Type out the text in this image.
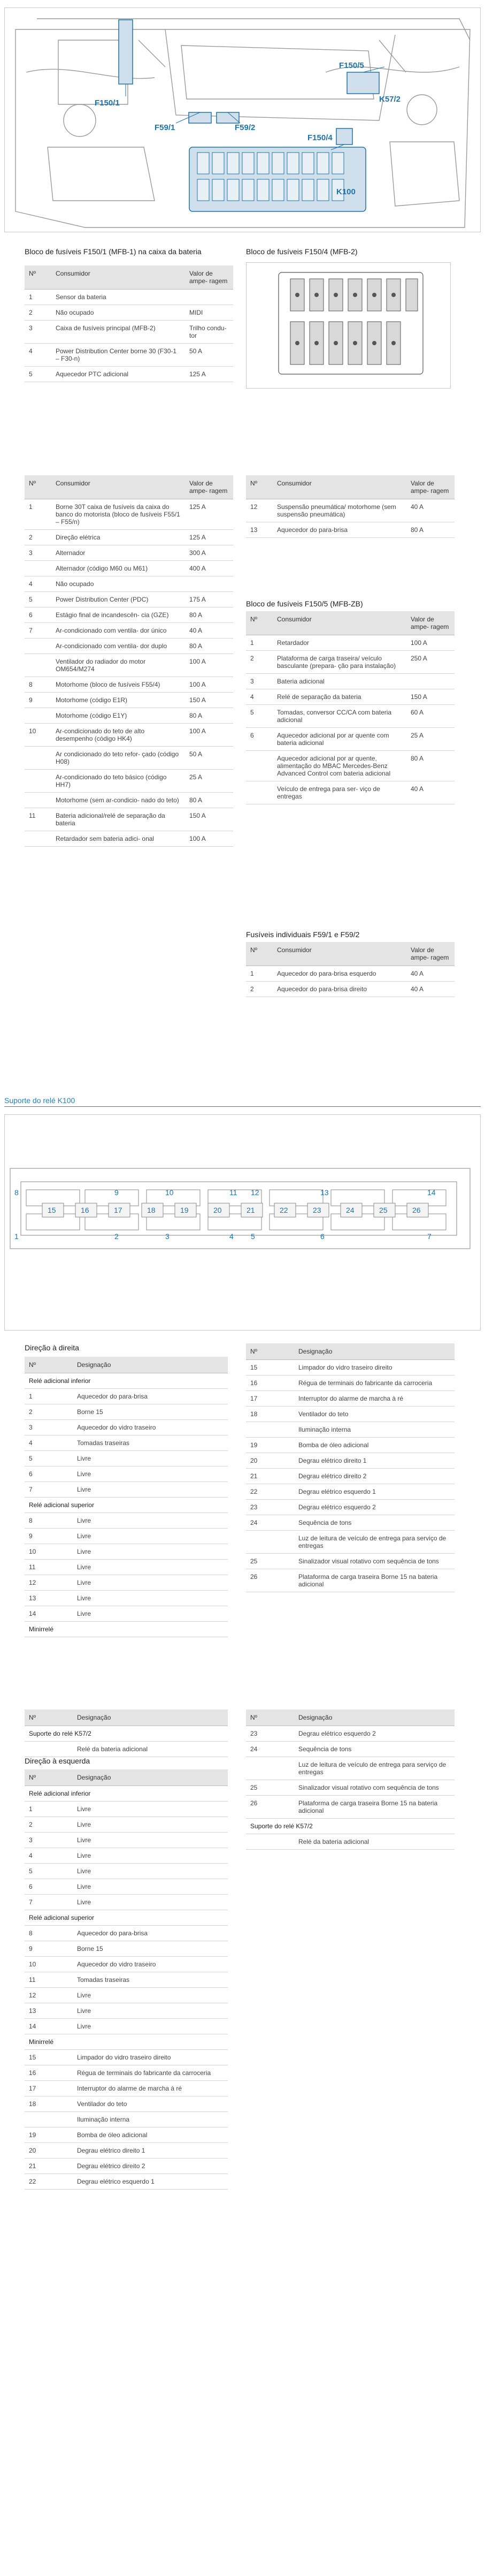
F150/1
F150/5
F59/1	F59/2
K57/2
F150/4
K100
Bloco de fusíveis F150/1 (MFB-1) na caixa da bateria
Nº	Consumidor	Valor de ampe- ragem
1	Sensor da bateria	
2	Não ocupado	MIDI
3	Caixa de fusíveis principal (MFB-2)	Trilho condu- tor
4	Power Distribution Center borne 30 (F30-1 – F30-n)	50 A
5	Aquecedor PTC adicional	125 A
Bloco de fusíveis F150/4 (MFB-2)
Nº	Consumidor	Valor de ampe- ragem
1	Borne 30T caixa de fusíveis da caixa do banco do motorista (bloco de fusíveis F55/1 – F55/n)	125 A
2	Direção elétrica	125 A
3	Alternador	300 A
	Alternador (código M60 ou M61)	400 A
4	Não ocupado	
5	Power Distribution Center (PDC)	175 A
6	Estágio final de incandescên- cia (GZE)	80 A
7	Ar-condicionado com ventila- dor único	40 A
	Ar-condicionado com ventila- dor duplo	80 A
	Ventilador do radiador do motor OM654/M274	100 A
8	Motorhome (bloco de fusíveis F55/4)	100 A
9	Motorhome (código E1R)	150 A
	Motorhome (código E1Y)	80 A
10	Ar-condicionado do teto de alto desempenho (código HK4)	100 A
	Ar condicionado do teto refor- çado (código H08)	50 A
	Ar-condicionado do teto básico (código HH7)	25 A
	Motorhome (sem ar-condicio- nado do teto)	80 A
11	Bateria adicional/relé de separação da bateria	150 A
	Retardador sem bateria adici- onal	100 A
Nº	Consumidor	Valor de ampe- ragem
12	Suspensão pneumática/ motorhome (sem suspensão pneumática)	40 A
13	Aquecedor do para-brisa	80 A
Bloco de fusíveis F150/5 (MFB-ZB)
Nº	Consumidor	Valor de ampe- ragem
1	Retardador	100 A
2	Plataforma de carga traseira/ veículo basculante (prepara- ção para instalação)	250 A
3	Bateria adicional	
4	Relé de separação da bateria	150 A
5	Tomadas, conversor CC/CA com bateria adicional	60 A
6	Aquecedor adicional por ar quente com bateria adicional	25 A
	Aquecedor adicional por ar quente, alimentação do MBAC Mercedes-Benz Advanced Control com bateria adicional	80 A
	Veículo de entrega para ser- viço de entregas	40 A
Fusíveis individuais F59/1 e F59/2
Nº	Consumidor	Valor de ampe- ragem
1	Aquecedor do para-brisa esquerdo	40 A
2	Aquecedor do para-brisa direito	40 A
Suporte do relé K100
8	9	10	11 12	13	14
1	2	3	4 5	6	7
15	16	17	18	19	20	21	22	23	24	25	26
Direção à direita
Nº	Designação
Relé adicional inferior	
1	Aquecedor do para-brisa
2	Borne 15
3	Aquecedor do vidro traseiro
4	Tomadas traseiras
5	Livre
6	Livre
7	Livre
Relé adicional superior	
8	Livre
9	Livre
10	Livre
11	Livre
12	Livre
13	Livre
14	Livre
Minirrelé	
Nº	Designação
15	Limpador do vidro traseiro direito
16	Régua de terminais do fabricante da carroceria
17	Interruptor do alarme de marcha à ré
18	Ventilador do teto
	Iluminação interna
19	Bomba de óleo adicional
20	Degrau elétrico direito 1
21	Degrau elétrico direito 2
22	Degrau elétrico esquerdo 1
23	Degrau elétrico esquerdo 2
24	Sequência de tons
	Luz de leitura de veículo de entrega para serviço de entregas
25	Sinalizador visual rotativo com sequência de tons
26	Plataforma de carga traseira Borne 15 na bateria adicional
Nº	Designação
Suporte do relé K57/2	
	Relé da bateria adicional
Nº	Designação
23	Degrau elétrico esquerdo 2
24	Sequência de tons
	Luz de leitura de veículo de entrega para serviço de entregas
25	Sinalizador visual rotativo com sequência de tons
26	Plataforma de carga traseira Borne 15 na bateria adicional
Suporte do relé K57/2	
	Relé da bateria adicional
Direção à esquerda
Nº	Designação
Relé adicional inferior	
1	Livre
2	Livre
3	Livre
4	Livre
5	Livre
6	Livre
7	Livre
Relé adicional superior	
8	Aquecedor do para-brisa
9	Borne 15
10	Aquecedor do vidro traseiro
11	Tomadas traseiras
12	Livre
13	Livre
14	Livre
Minirrelé	
15	Limpador do vidro traseiro direito
16	Régua de terminais do fabricante da carroceria
17	Interruptor do alarme de marcha à ré
18	Ventilador do teto
	Iluminação interna
19	Bomba de óleo adicional
20	Degrau elétrico direito 1
21	Degrau elétrico direito 2
22	Degrau elétrico esquerdo 1
